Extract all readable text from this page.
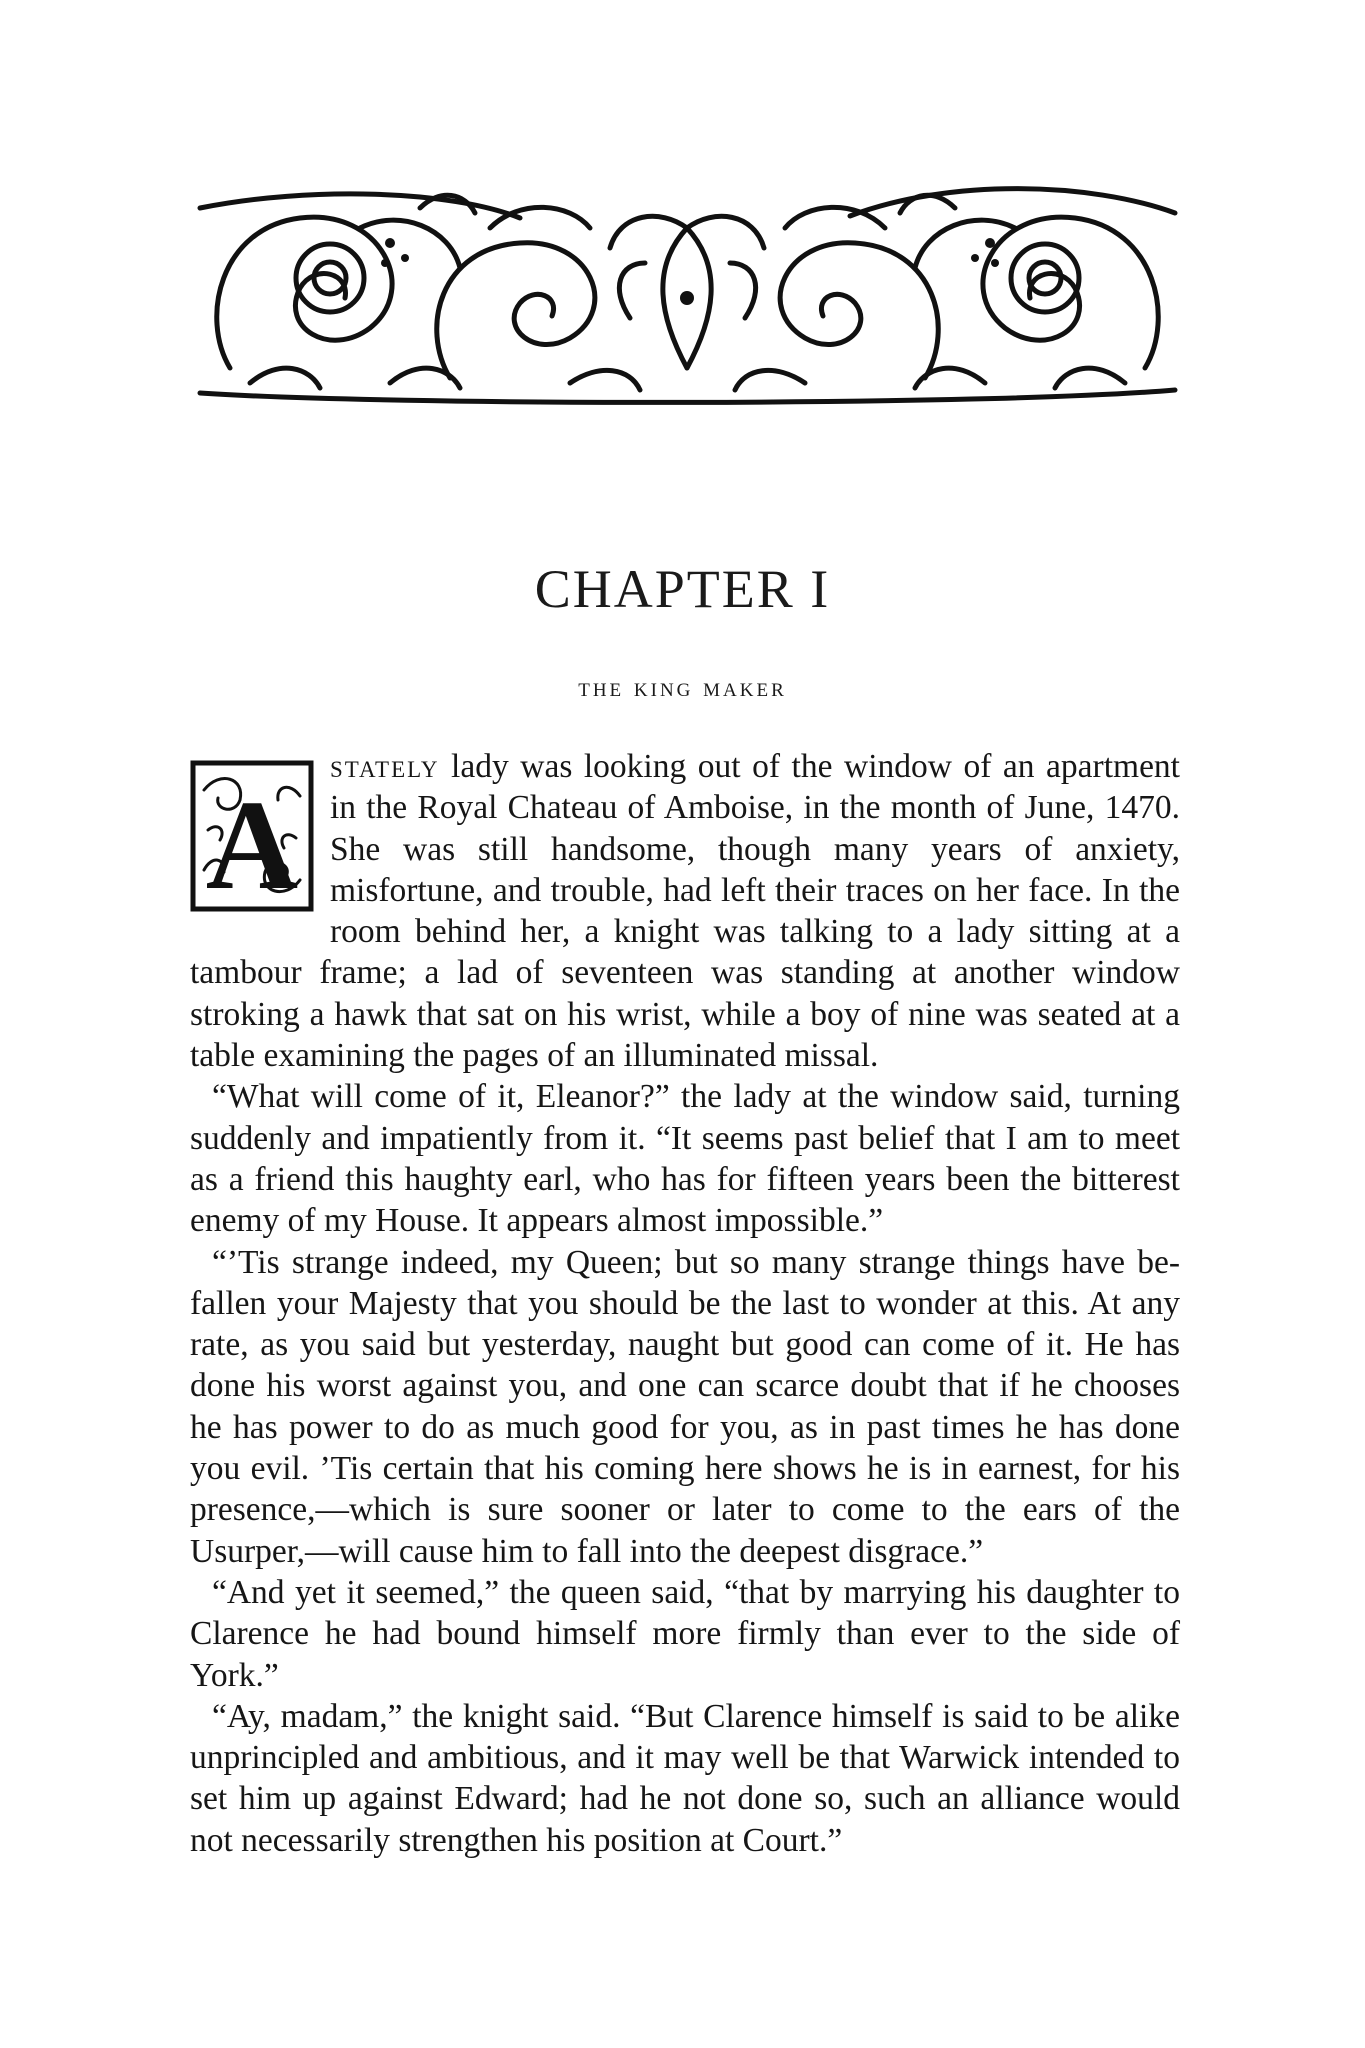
CHAPTER I
the king maker

A
stately lady was looking out of the window of an apartment in the Royal Chateau of Amboise, in the month of June, 1470. She was still handsome, though many years of anxiety, misfortune, and trouble, had left their traces on her face. In the room behind her, a knight was talking to a lady sitting at a tambour frame; a lad of seventeen was standing at another window stroking a hawk that sat on his wrist, while a boy of nine was seated at a table examining the pages of an illuminated missal.

“What will come of it, Eleanor?” the lady at the window said, turning suddenly and impatiently from it. “It seems past belief that I am to meet as a friend this haughty earl, who has for fifteen years been the bitterest enemy of my House. It appears almost impossible.”

“’Tis strange indeed, my Queen; but so many strange things have befallen your Majesty that you should be the last to wonder at this. At any rate, as you said but yesterday, naught but good can come of it. He has done his worst against you, and one can scarce doubt that if he chooses he has power to do as much good for you, as in past times he has done you evil. ’Tis certain that his coming here shows he is in earnest, for his presence,—which is sure sooner or later to come to the ears of the Usurper,—will cause him to fall into the deepest disgrace.”

“And yet it seemed,” the queen said, “that by marrying his daughter to Clarence he had bound himself more firmly than ever to the side of York.”

“Ay, madam,” the knight said. “But Clarence himself is said to be alike unprincipled and ambitious, and it may well be that Warwick intended to set him up against Edward; had he not done so, such an alliance would not necessarily strengthen his position at Court.”
